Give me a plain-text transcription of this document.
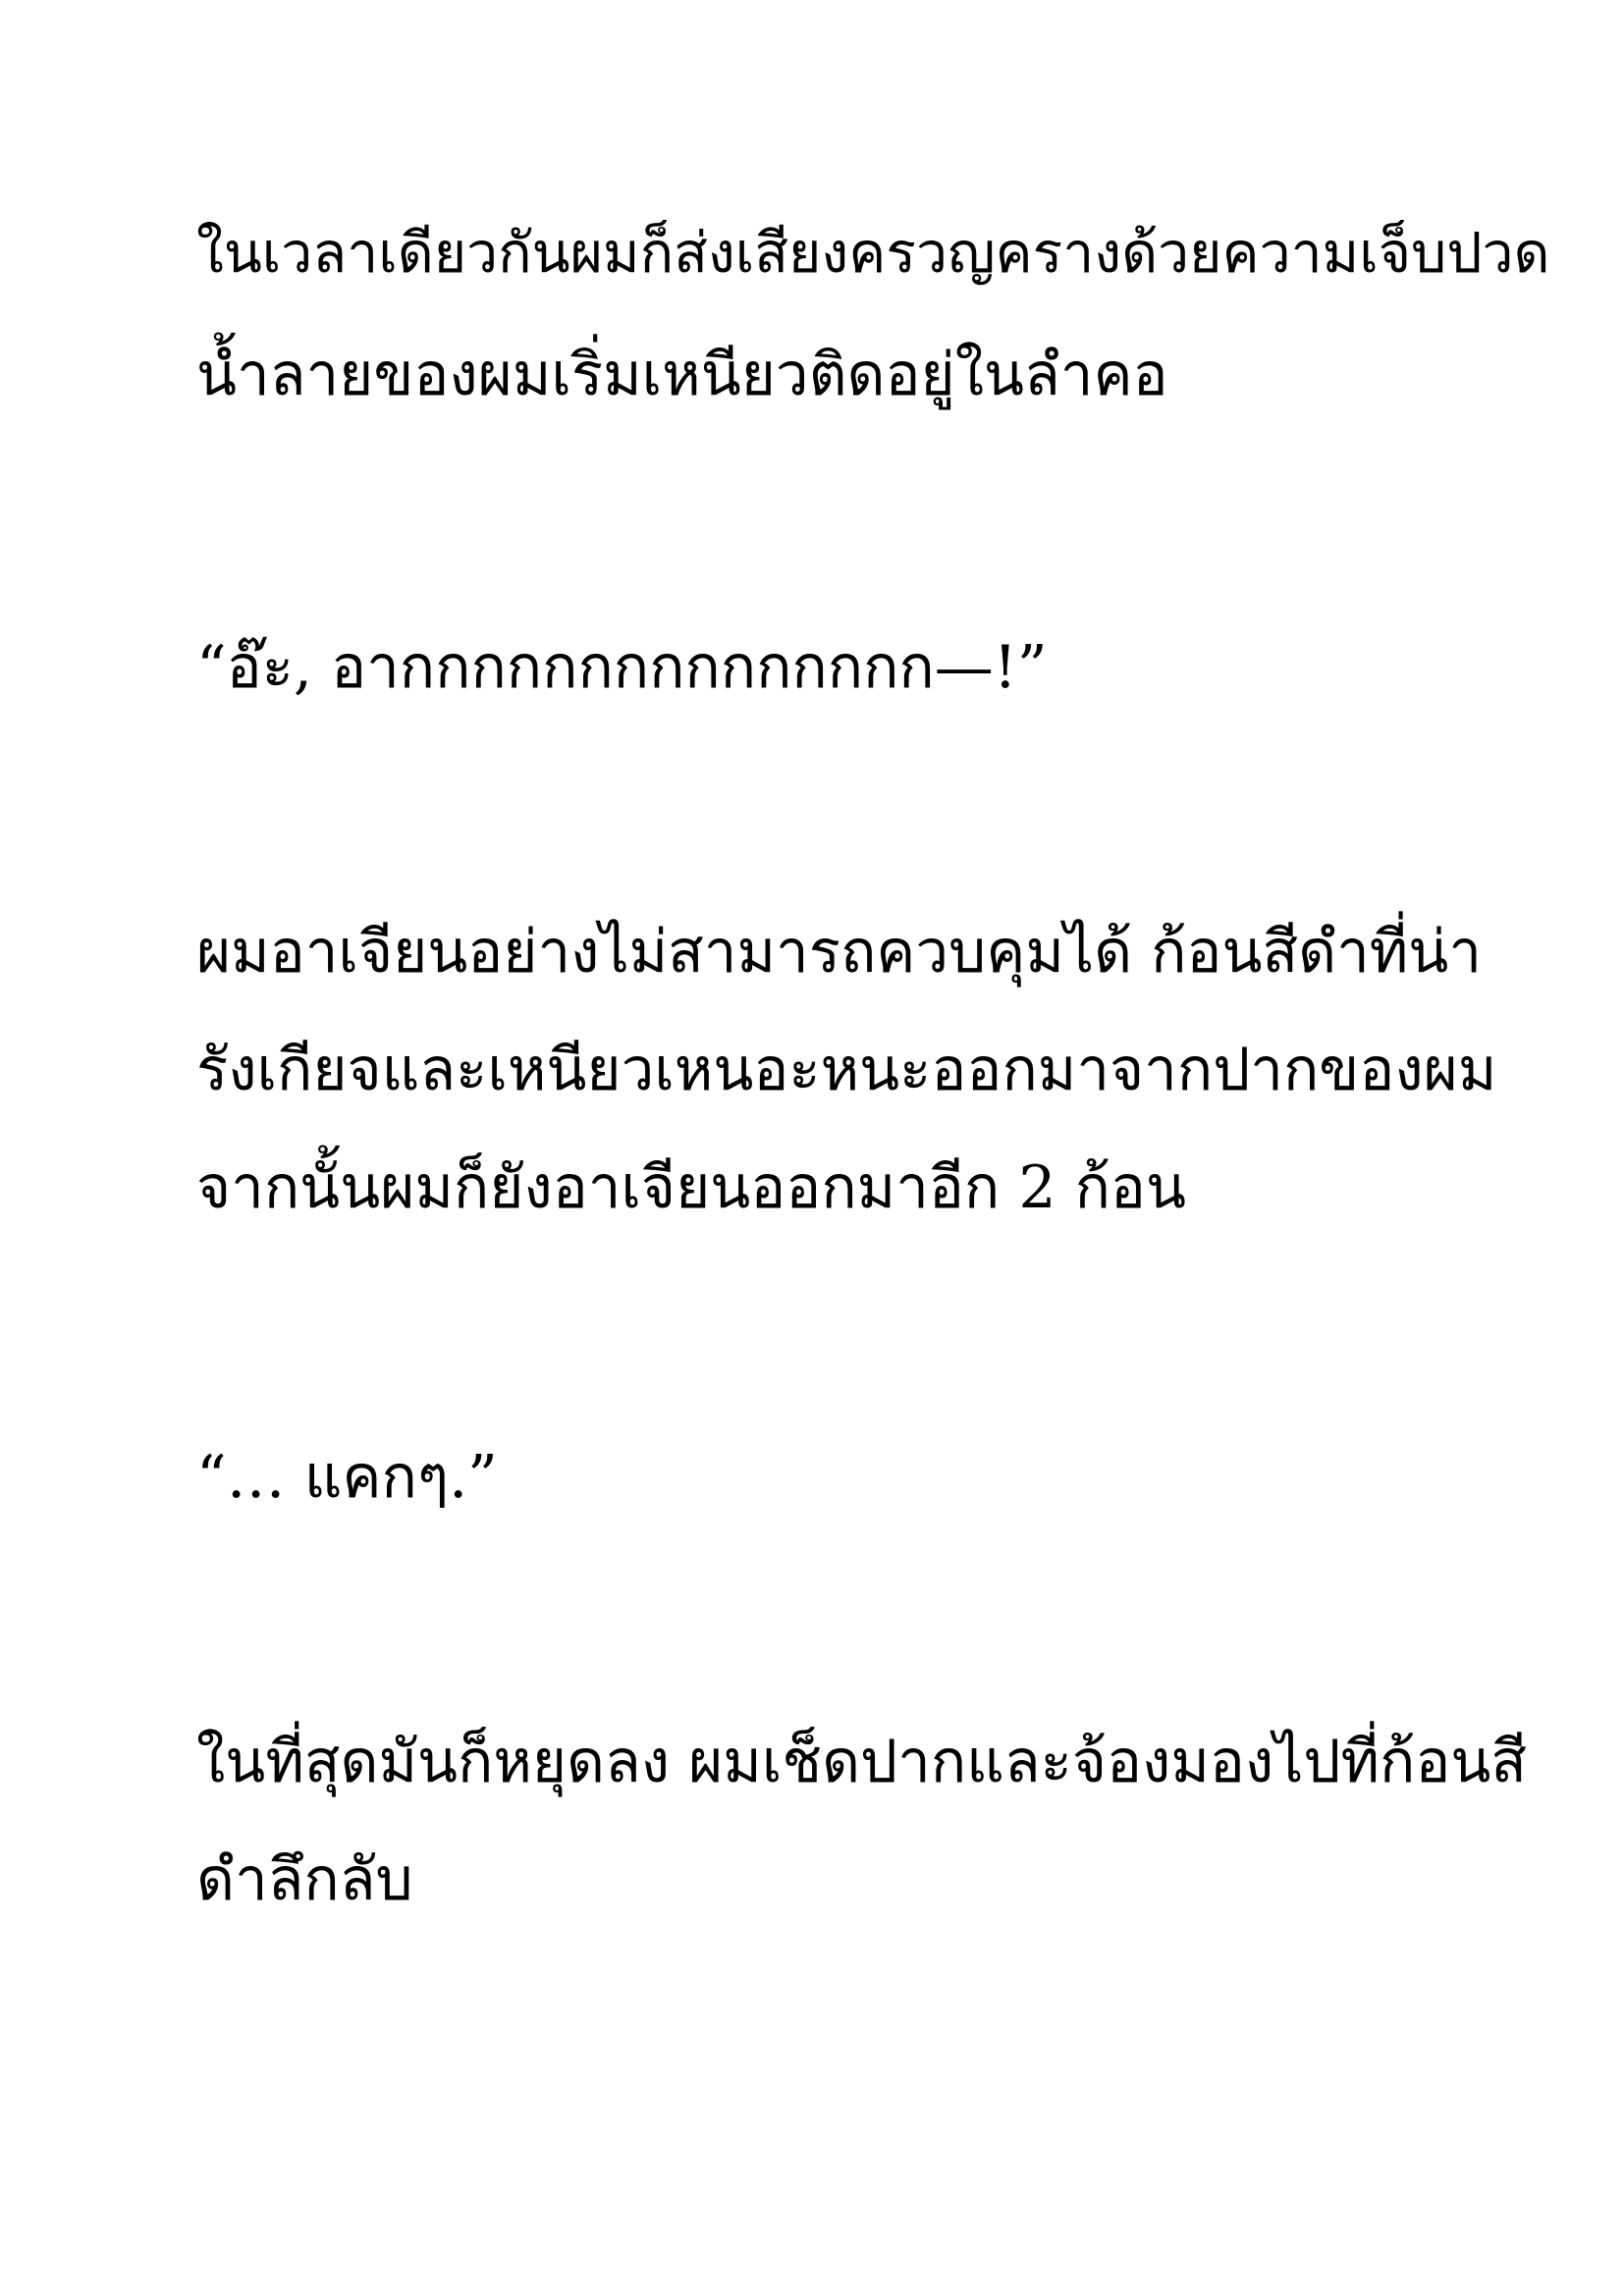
ในเวลาเดียวกันผมก็ส่งเสียงครวญครางด้วยความเจ็บปวด

น้ำลายของผมเริ่มเหนียวติดอยู่ในลำคอ

“อ๊ะ, อากกกกกกกกกกกกกกก—!”

ผมอาเจียนอย่างไม่สามารถควบคุมได้ ก้อนสีดำที่น่า

รังเกียจและเหนียวเหนอะหนะออกมาจากปากของผม

จากนั้นผมก็ยังอาเจียนออกมาอีก 2 ก้อน

“… แคกๆ.”

ในที่สุดมันก็หยุดลง ผมเช็ดปากและจ้องมองไปที่ก้อนสี

ดำลึกลับ
